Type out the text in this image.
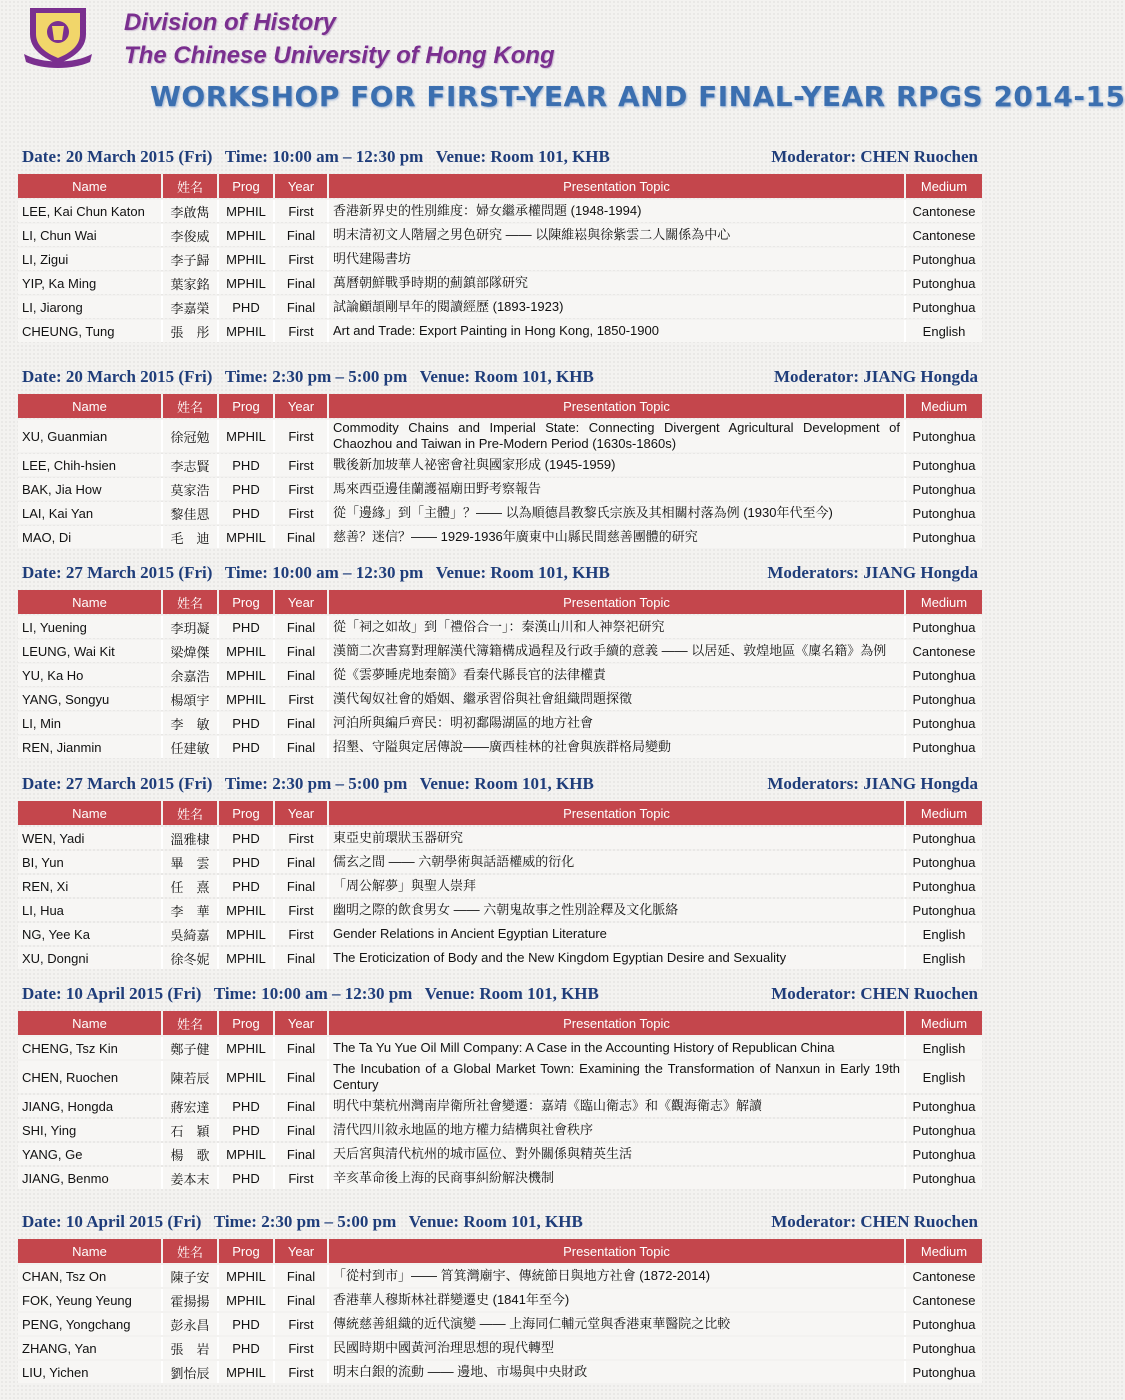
Division of History
The Chinese University of Hong Kong
WORKSHOP FOR FIRST-YEAR AND FINAL-YEAR RPGS 2014-15
Date: 20 March 2015 (Fri)   Time: 10:00 am – 12:30 pm   Venue: Room 101, KHB	Moderator: CHEN Ruochen
Name	姓名	Prog	Year	Presentation Topic	Medium
LEE, Kai Chun Katon	李啟雋	MPHIL	First	香港新界史的性別維度：婦女繼承權問題 (1948-1994)	Cantonese
LI, Chun Wai	李俊威	MPHIL	Final	明末清初文人階層之男色研究 —— 以陳維崧與徐紫雲二人關係為中心	Cantonese
LI, Zigui	李子歸	MPHIL	First	明代建陽書坊	Putonghua
YIP, Ka Ming	葉家銘	MPHIL	Final	萬曆朝鮮戰爭時期的薊鎮部隊研究	Putonghua
LI, Jiarong	李嘉榮	PHD	Final	試論顧頡剛早年的閱讀經歷 (1893-1923)	Putonghua
CHEUNG, Tung	張　彤	MPHIL	First	Art and Trade: Export Painting in Hong Kong, 1850-1900	English
Date: 20 March 2015 (Fri)   Time: 2:30 pm – 5:00 pm   Venue: Room 101, KHB	Moderator: JIANG Hongda
Name	姓名	Prog	Year	Presentation Topic	Medium
XU, Guanmian	徐冠勉	MPHIL	First	Commodity Chains and Imperial State: Connecting Divergent Agricultural Development of Chaozhou and Taiwan in Pre-Modern Period (1630s-1860s)	Putonghua
LEE, Chih-hsien	李志賢	PHD	First	戰後新加坡華人祕密會社與國家形成 (1945-1959)	Putonghua
BAK, Jia How	莫家浩	PHD	First	馬來西亞邊佳蘭護福廟田野考察報告	Putonghua
LAI, Kai Yan	黎佳恩	PHD	First	從「邊緣」到「主體」？—— 以為順德昌教黎氏宗族及其相關村落為例 (1930年代至今)	Putonghua
MAO, Di	毛　迪	MPHIL	Final	慈善？迷信？—— 1929-1936年廣東中山縣民間慈善團體的研究	Putonghua
Date: 27 March 2015 (Fri)   Time: 10:00 am – 12:30 pm   Venue: Room 101, KHB	Moderators: JIANG Hongda
Name	姓名	Prog	Year	Presentation Topic	Medium
LI, Yuening	李玥凝	PHD	Final	從「祠之如故」到「禮俗合一」：秦漢山川和人神祭祀研究	Putonghua
LEUNG, Wai Kit	梁煒傑	MPHIL	Final	漢簡二次書寫對理解漢代簿籍構成過程及行政手續的意義 —— 以居延、敦煌地區《廩名籍》為例	Cantonese
YU, Ka Ho	余嘉浩	MPHIL	Final	從《雲夢睡虎地秦簡》看秦代縣長官的法律權責	Putonghua
YANG, Songyu	楊頌宇	MPHIL	First	漢代匈奴社會的婚姻、繼承習俗與社會組織問題探徵	Putonghua
LI, Min	李　敏	PHD	Final	河泊所與編戶齊民：明初鄱陽湖區的地方社會	Putonghua
REN, Jianmin	任建敏	PHD	Final	招墾、守隘與定居傳說——廣西桂林的社會與族群格局變動	Putonghua
Date: 27 March 2015 (Fri)   Time: 2:30 pm – 5:00 pm   Venue: Room 101, KHB	Moderators: JIANG Hongda
Name	姓名	Prog	Year	Presentation Topic	Medium
WEN, Yadi	溫雅棣	PHD	First	東亞史前環狀玉器研究	Putonghua
BI, Yun	畢　雲	PHD	Final	儒玄之間 —— 六朝學術與話語權威的衍化	Putonghua
REN, Xi	任　熹	PHD	Final	「周公解夢」與聖人崇拜	Putonghua
LI, Hua	李　華	MPHIL	First	幽明之際的飲食男女 —— 六朝鬼故事之性別詮釋及文化脈絡	Putonghua
NG, Yee Ka	吳綺嘉	MPHIL	First	Gender Relations in Ancient Egyptian Literature	English
XU, Dongni	徐冬妮	MPHIL	Final	The Eroticization of Body and the New Kingdom Egyptian Desire and Sexuality	English
Date: 10 April 2015 (Fri)   Time: 10:00 am – 12:30 pm   Venue: Room 101, KHB	Moderator: CHEN Ruochen
Name	姓名	Prog	Year	Presentation Topic	Medium
CHENG, Tsz Kin	鄭子健	MPHIL	Final	The Ta Yu Yue Oil Mill Company: A Case in the Accounting History of Republican China	English
CHEN, Ruochen	陳若辰	MPHIL	Final	The Incubation of a Global Market Town: Examining the Transformation of Nanxun in Early 19th Century	English
JIANG, Hongda	蔣宏達	PHD	Final	明代中葉杭州灣南岸衛所社會變遷：嘉靖《臨山衛志》和《觀海衛志》解讀	Putonghua
SHI, Ying	石　穎	PHD	Final	清代四川敘永地區的地方權力結構與社會秩序	Putonghua
YANG, Ge	楊　歌	MPHIL	Final	天后宮與清代杭州的城市區位、對外關係與精英生活	Putonghua
JIANG, Benmo	姜本末	PHD	First	辛亥革命後上海的民商事糾紛解決機制	Putonghua
Date: 10 April 2015 (Fri)   Time: 2:30 pm – 5:00 pm   Venue: Room 101, KHB	Moderator: CHEN Ruochen
Name	姓名	Prog	Year	Presentation Topic	Medium
CHAN, Tsz On	陳子安	MPHIL	Final	「從村到市」—— 筲箕灣廟宇、傳統節日與地方社會 (1872-2014)	Cantonese
FOK, Yeung Yeung	霍揚揚	MPHIL	Final	香港華人穆斯林社群變遷史 (1841年至今)	Cantonese
PENG, Yongchang	彭永昌	PHD	First	傳統慈善組織的近代演變 —— 上海同仁輔元堂與香港東華醫院之比較	Putonghua
ZHANG, Yan	張　岩	PHD	First	民國時期中國黃河治理思想的現代轉型	Putonghua
LIU, Yichen	劉怡辰	MPHIL	First	明末白銀的流動 —— 邊地、市場與中央財政	Putonghua
